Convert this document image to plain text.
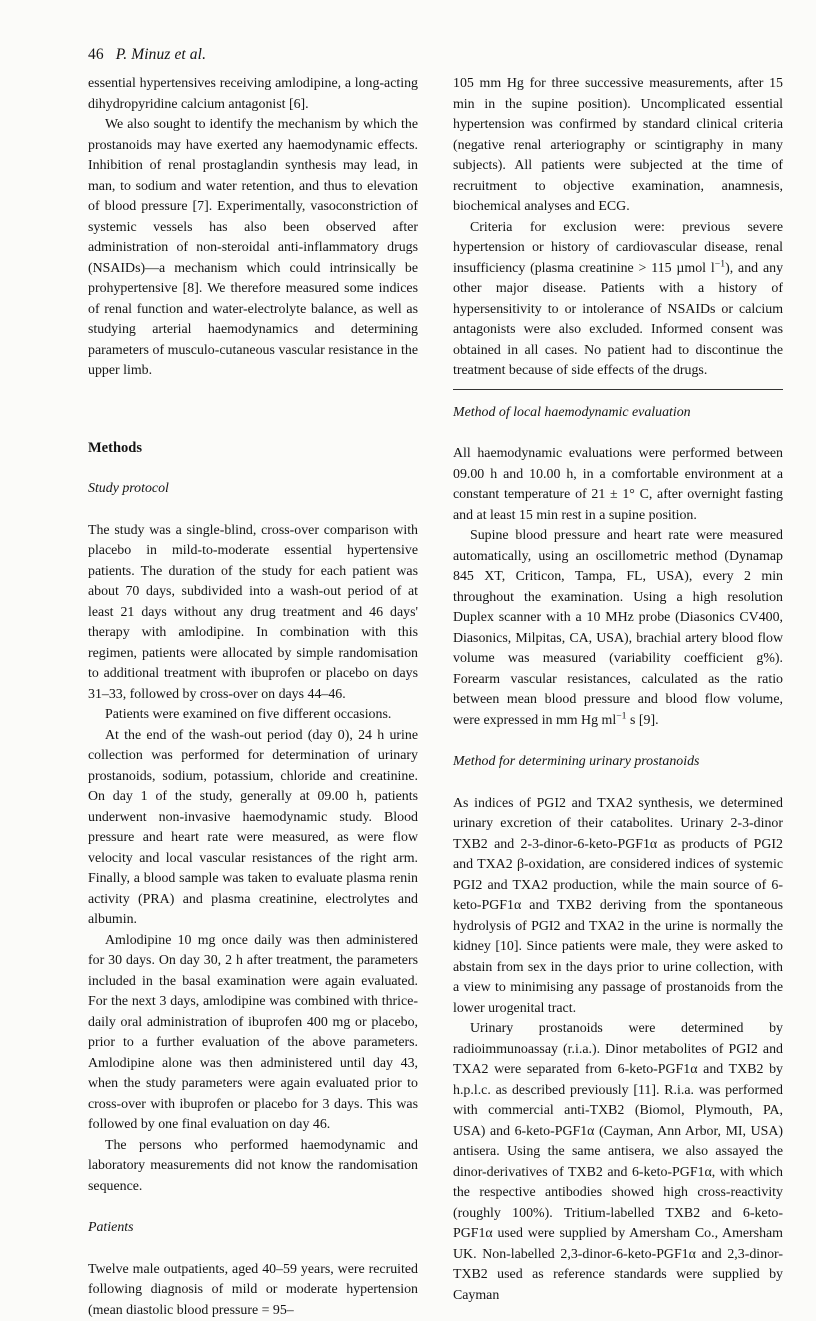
46 P. Minuz et al.

essential hypertensives receiving amlodipine, a long-acting dihydropyridine calcium antagonist [6].

We also sought to identify the mechanism by which the prostanoids may have exerted any haemodynamic effects. Inhibition of renal prostaglandin synthesis may lead, in man, to sodium and water retention, and thus to elevation of blood pressure [7]. Experimentally, vasoconstriction of systemic vessels has also been observed after administration of non-steroidal anti-inflammatory drugs (NSAIDs)—a mechanism which could intrinsically be prohypertensive [8]. We therefore measured some indices of renal function and water-electrolyte balance, as well as studying arterial haemodynamics and determining parameters of musculo-cutaneous vascular resistance in the upper limb.

Methods
Study protocol

The study was a single-blind, cross-over comparison with placebo in mild-to-moderate essential hypertensive patients. The duration of the study for each patient was about 70 days, subdivided into a wash-out period of at least 21 days without any drug treatment and 46 days' therapy with amlodipine. In combination with this regimen, patients were allocated by simple randomisation to additional treatment with ibuprofen or placebo on days 31–33, followed by cross-over on days 44–46.

Patients were examined on five different occasions.

At the end of the wash-out period (day 0), 24 h urine collection was performed for determination of urinary prostanoids, sodium, potassium, chloride and creatinine. On day 1 of the study, generally at 09.00 h, patients underwent non-invasive haemodynamic study. Blood pressure and heart rate were measured, as were flow velocity and local vascular resistances of the right arm. Finally, a blood sample was taken to evaluate plasma renin activity (PRA) and plasma creatinine, electrolytes and albumin.

Amlodipine 10 mg once daily was then administered for 30 days. On day 30, 2 h after treatment, the parameters included in the basal examination were again evaluated. For the next 3 days, amlodipine was combined with thrice-daily oral administration of ibuprofen 400 mg or placebo, prior to a further evaluation of the above parameters. Amlodipine alone was then administered until day 43, when the study parameters were again evaluated prior to cross-over with ibuprofen or placebo for 3 days. This was followed by one final evaluation on day 46.

The persons who performed haemodynamic and laboratory measurements did not know the randomisation sequence.

Patients

Twelve male outpatients, aged 40–59 years, were recruited following diagnosis of mild or moderate hypertension (mean diastolic blood pressure = 95–

105 mm Hg for three successive measurements, after 15 min in the supine position). Uncomplicated essential hypertension was confirmed by standard clinical criteria (negative renal arteriography or scintigraphy in many subjects). All patients were subjected at the time of recruitment to objective examination, anamnesis, biochemical analyses and ECG.

Criteria for exclusion were: previous severe hypertension or history of cardiovascular disease, renal insufficiency (plasma creatinine > 115 µmol $l^{-1}$), and any other major disease. Patients with a history of hypersensitivity to or intolerance of NSAIDs or calcium antagonists were also excluded. Informed consent was obtained in all cases. No patient had to discontinue the treatment because of side effects of the drugs.

Method of local haemodynamic evaluation

All haemodynamic evaluations were performed between 09.00 h and 10.00 h, in a comfortable environment at a constant temperature of 21 ± 1° C, after overnight fasting and at least 15 min rest in a supine position.

Supine blood pressure and heart rate were measured automatically, using an oscillometric method (Dynamap 845 XT, Criticon, Tampa, FL, USA), every 2 min throughout the examination. Using a high resolution Duplex scanner with a 10 MHz probe (Diasonics CV400, Diasonics, Milpitas, CA, USA), brachial artery blood flow volume was measured (variability coefficient g%). Forearm vascular resistances, calculated as the ratio between mean blood pressure and blood flow volume, were expressed in mm Hg $ml^{-1}$ s [9].

Method for determining urinary prostanoids

As indices of PGI2 and TXA2 synthesis, we determined urinary excretion of their catabolites. Urinary 2-3-dinor TXB2 and 2-3-dinor-6-keto-PGF1α as products of PGI2 and TXA2 β-oxidation, are considered indices of systemic PGI2 and TXA2 production, while the main source of 6-keto-PGF1α and TXB2 deriving from the spontaneous hydrolysis of PGI2 and TXA2 in the urine is normally the kidney [10]. Since patients were male, they were asked to abstain from sex in the days prior to urine collection, with a view to minimising any passage of prostanoids from the lower urogenital tract.

Urinary prostanoids were determined by radioimmunoassay (r.i.a.). Dinor metabolites of PGI2 and TXA2 were separated from 6-keto-PGF1α and TXB2 by h.p.l.c. as described previously [11]. R.i.a. was performed with commercial anti-TXB2 (Biomol, Plymouth, PA, USA) and 6-keto-PGF1α (Cayman, Ann Arbor, MI, USA) antisera. Using the same antisera, we also assayed the dinor-derivatives of TXB2 and 6-keto-PGF1α, with which the respective antibodies showed high cross-reactivity (roughly 100%). Tritium-labelled TXB2 and 6-keto-PGF1α used were supplied by Amersham Co., Amersham UK. Non-labelled 2,3-dinor-6-keto-PGF1α and 2,3-dinor-TXB2 used as reference standards were supplied by Cayman
